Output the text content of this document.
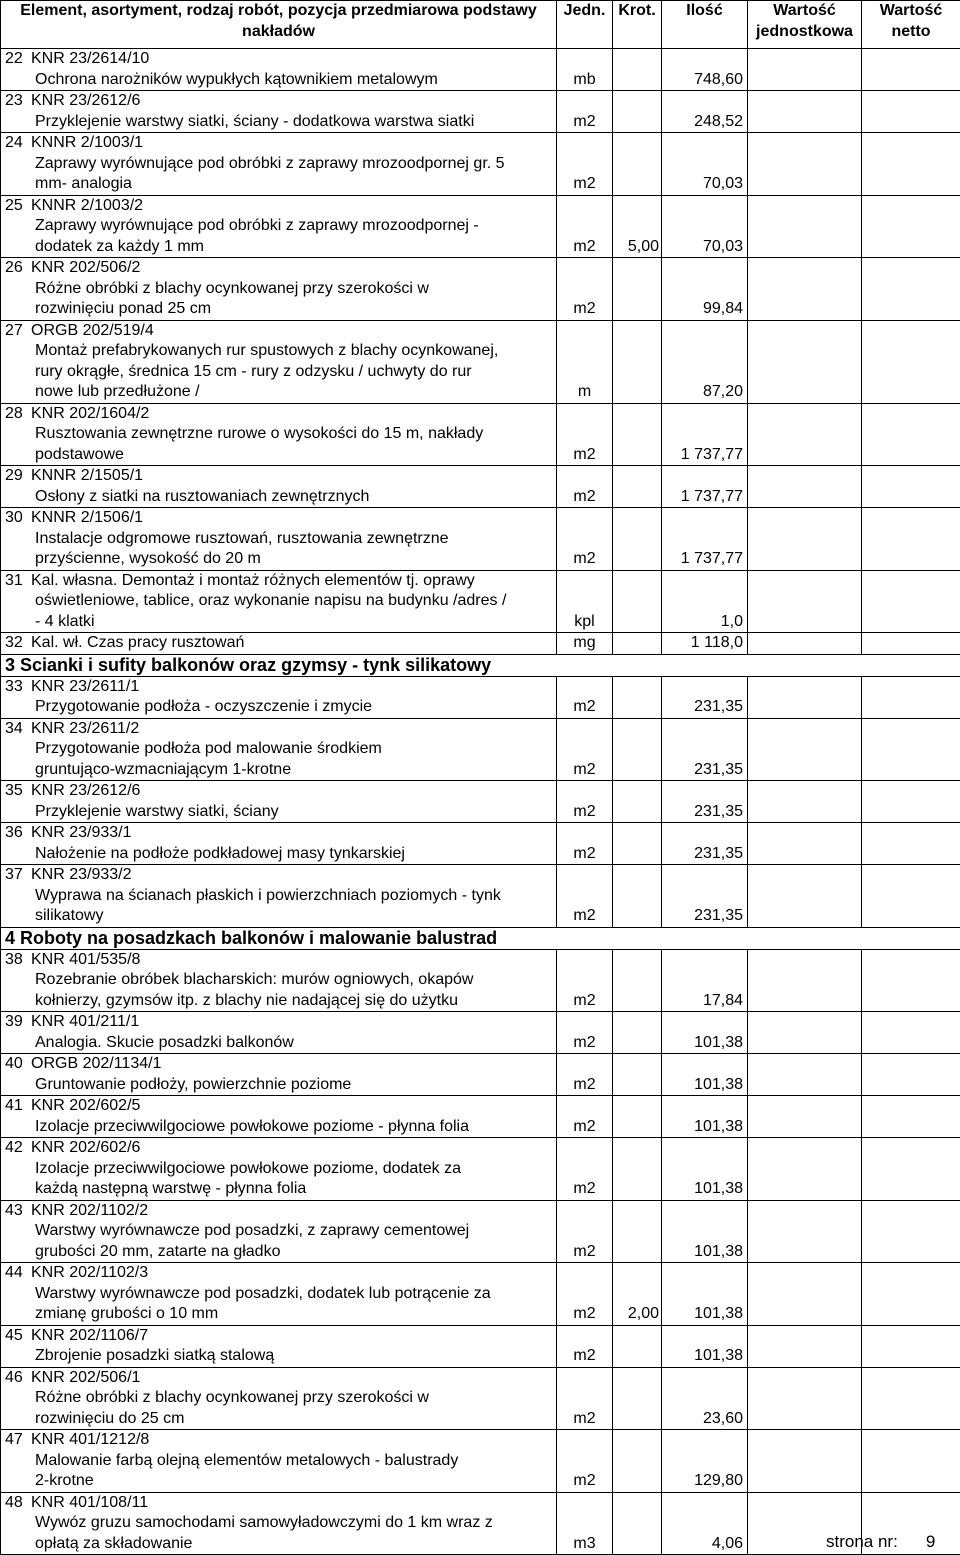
Element, asortyment, rodzaj robót, pozycja przedmiarowa podstawy nakładów	Jedn.	Krot.	Ilość	Wartość jednostkowa	Wartość netto

22 KNR 23/2614/10
Ochrona narożników wypukłych kątownikiem metalowym	mb		748,60		

23 KNR 23/2612/6
Przyklejenie warstwy siatki, ściany - dodatkowa warstwa siatki	m2		248,52		

24 KNNR 2/1003/1
Zaprawy wyrównujące pod obróbki z zaprawy mrozoodpornej gr. 5
mm- analogia	m2		70,03		

25 KNNR 2/1003/2
Zaprawy wyrównujące pod obróbki z zaprawy mrozoodpornej -
dodatek za każdy 1 mm	m2	5,00	70,03		

26 KNR 202/506/2
Różne obróbki z blachy ocynkowanej przy szerokości w
rozwinięciu ponad 25 cm	m2		99,84		

27 ORGB 202/519/4
Montaż prefabrykowanych rur spustowych z blachy ocynkowanej,
rury okrągłe, średnica 15 cm - rury z odzysku / uchwyty do rur
nowe lub przedłużone /	m		87,20		

28 KNR 202/1604/2
Rusztowania zewnętrzne rurowe o wysokości do 15 m, nakłady
podstawowe	m2		1 737,77		

29 KNNR 2/1505/1
Osłony z siatki na rusztowaniach zewnętrznych	m2		1 737,77		

30 KNNR 2/1506/1
Instalacje odgromowe rusztowań, rusztowania zewnętrzne
przyścienne, wysokość do 20 m	m2		1 737,77		

31 Kal. własna. Demontaż i montaż różnych elementów tj. oprawy
oświetleniowe, tablice, oraz wykonanie napisu na budynku /adres /
- 4 klatki	kpl		1,0		

32 Kal. wł. Czas pracy rusztowań	mg		1 118,0		
3 Scianki i sufity balkonów oraz gzymsy - tynk silikatowy					

33 KNR 23/2611/1
Przygotowanie podłoża - oczyszczenie i zmycie	m2		231,35		

34 KNR 23/2611/2
Przygotowanie podłoża pod malowanie środkiem
gruntująco-wzmacniającym 1-krotne	m2		231,35		

35 KNR 23/2612/6
Przyklejenie warstwy siatki, ściany	m2		231,35		

36 KNR 23/933/1
Nałożenie na podłoże podkładowej masy tynkarskiej	m2		231,35		

37 KNR 23/933/2
Wyprawa na ścianach płaskich i powierzchniach poziomych - tynk
silikatowy	m2		231,35		
4 Roboty na posadzkach balkonów i malowanie balustrad					

38 KNR 401/535/8
Rozebranie obróbek blacharskich: murów ogniowych, okapów
kołnierzy, gzymsów itp. z blachy nie nadającej się do użytku	m2		17,84		

39 KNR 401/211/1
Analogia. Skucie posadzki balkonów	m2		101,38		

40 ORGB 202/1134/1
Gruntowanie podłoży, powierzchnie poziome	m2		101,38		

41 KNR 202/602/5
Izolacje przeciwwilgociowe powłokowe poziome - płynna folia	m2		101,38		

42 KNR 202/602/6
Izolacje przeciwwilgociowe powłokowe poziome, dodatek za
każdą następną warstwę - płynna folia	m2		101,38		

43 KNR 202/1102/2
Warstwy wyrównawcze pod posadzki, z zaprawy cementowej
grubości 20 mm, zatarte na gładko	m2		101,38		

44 KNR 202/1102/3
Warstwy wyrównawcze pod posadzki, dodatek lub potrącenie za
zmianę grubości o 10 mm	m2	2,00	101,38		

45 KNR 202/1106/7
Zbrojenie posadzki siatką stalową	m2		101,38		

46 KNR 202/506/1
Różne obróbki z blachy ocynkowanej przy szerokości w
rozwinięciu do 25 cm	m2		23,60		

47 KNR 401/1212/8
Malowanie farbą olejną elementów metalowych - balustrady
2-krotne	m2		129,80		

48 KNR 401/108/11
Wywóz gruzu samochodami samowyładowczymi do 1 km wraz z
opłatą za składowanie	m3		4,06			strona nr: 9
